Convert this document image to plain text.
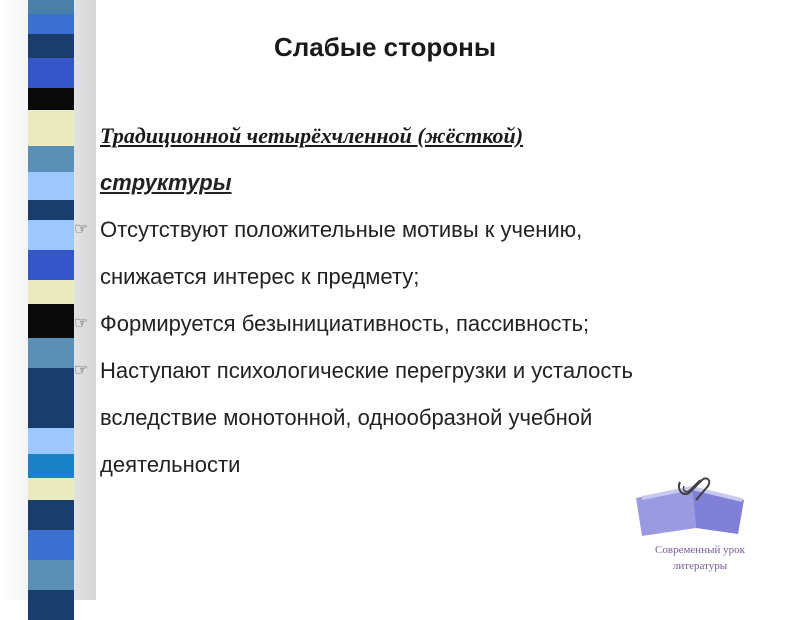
Слабые стороны
Традиционной четырёхчленной (жёсткой)
структуры
☞ Отсутствуют положительные мотивы к учению,
снижается интерес к предмету;
☞ Формируется безынициативность, пассивность;
☞ Наступают психологические перегрузки и усталость
вследствие монотонной, однообразной учебной
деятельности
Современный урок
литературы
